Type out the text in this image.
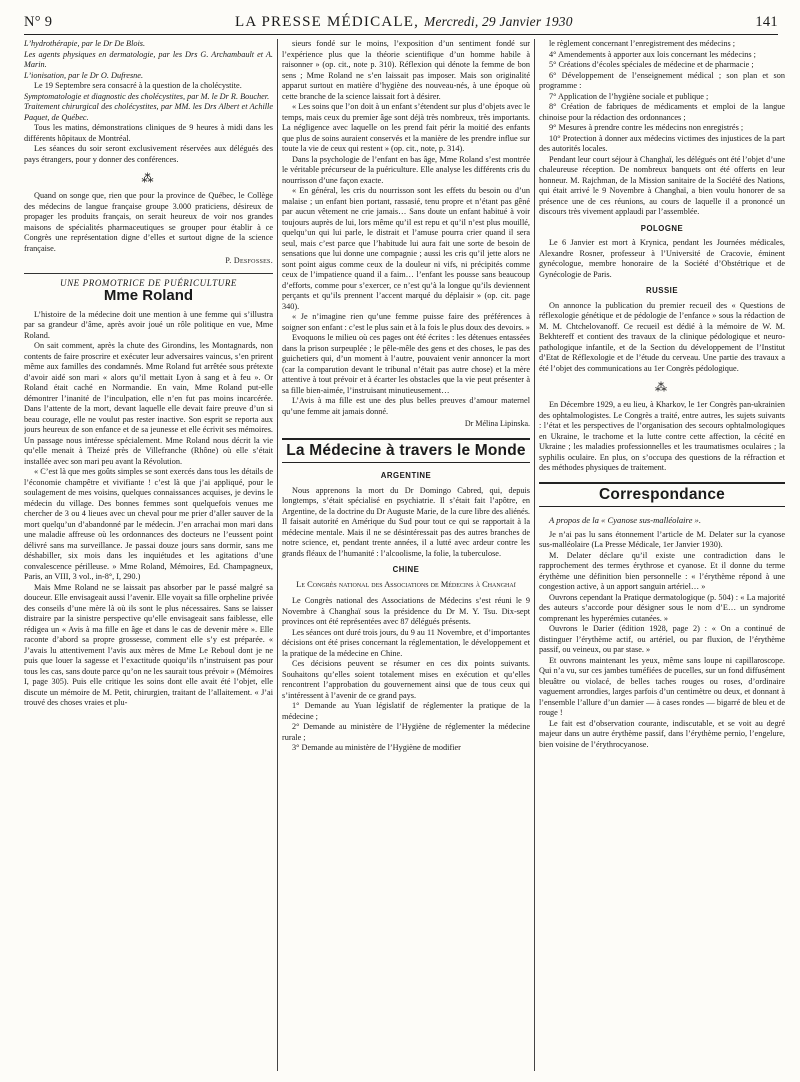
N° 9	LA PRESSE MÉDICALE, Mercredi, 29 Janvier 1930	141

L’hydrothérapie, par le Dr De Blois.

Les agents physiques en dermatologie, par les Drs G. Archambault et A. Marin.

L’ionisation, par le Dr O. Dufresne.

Le 19 Septembre sera consacré à la question de la cholécystite.

Symptomatologie et diagnostic des cholécystites, par M. le Dr R. Boucher.

Traitement chirurgical des cholécystites, par MM. les Drs Albert et Achille Paquet, de Québec.

Tous les matins, démonstrations cliniques de 9 heures à midi dans les différents hôpitaux de Montréal.

Les séances du soir seront exclusivement réservées aux délégués des pays étrangers, pour y donner des conférences.

⁂

Quand on songe que, rien que pour la province de Québec, le Collège des médecins de langue française groupe 3.000 praticiens, désireux de propager les produits français, on serait heureux de voir nos grandes maisons de spécialités pharmaceutiques se grouper pour établir à ce Congrès une représentation digne d’elles et surtout digne de la science française.

P. Desfosses.
UNE PROMOTRICE DE PUÉRICULTURE
Mme Roland

L’histoire de la médecine doit une mention à une femme qui s’illustra par sa grandeur d’âme, après avoir joué un rôle politique en vue, Mme Roland.

On sait comment, après la chute des Girondins, les Montagnards, non contents de faire proscrire et exécuter leur adversaires vaincus, s’en prirent même aux familles des condamnés. Mme Roland fut arrêtée sous prétexte d’avoir aidé son mari « alors qu’il mettait Lyon à sang et à feu ». Or Roland était caché en Normandie. En vain, Mme Roland put-elle démontrer l’inanité de l’inculpation, elle n’en fut pas moins incarcérée. Dans l’attente de la mort, devant laquelle elle devait faire preuve d’un si beau courage, elle ne voulut pas rester inactive. Son esprit se reporta aux jours heureux de son enfance et de sa jeunesse et elle écrivit ses mémoires. Un passage nous intéresse spécialement. Mme Roland nous décrit la vie qu’elle menait à Theizé près de Villefranche (Rhône) où elle s’était installée avec son mari peu avant la Révolution.

« C’est là que mes goûts simples se sont exercés dans tous les détails de l’économie champêtre et vivifiante ! c’est là que j’ai appliqué, pour le soulagement de mes voisins, quelques connaissances acquises, je devins le médecin du village. Des bonnes femmes sont quelquefois venues me chercher de 3 ou 4 lieues avec un cheval pour me prier d’aller sauver de la mort quelqu’un d’abandonné par le médecin. J’en arrachai mon mari dans une maladie affreuse où les ordonnances des docteurs ne l’eussent point délivré sans ma surveillance. Je passai douze jours sans dormir, sans me déshabiller, six mois dans les inquiétudes et les agitations d’une convalescence périlleuse. » Mme Roland, Mémoires, Ed. Champagneux, Paris, an VIII, 3 vol., in-8°, I, 290.)

Mais Mme Roland ne se laissait pas absorber par le passé malgré sa douceur. Elle envisageait aussi l’avenir. Elle voyait sa fille orpheline privée des conseils d’une mère là où ils sont le plus nécessaires. Sans se laisser distraire par la sinistre perspective qu’elle envisageait sans faiblesse, elle rédigea un « Avis à ma fille en âge et dans le cas de devenir mère ». Elle raconte d’abord sa propre grossesse, comment elle s’y est préparée. « J’avais lu attentivement l’avis aux mères de Mme Le Reboul dont je ne puis que louer la sagesse et l’exactitude quoiqu’ils n’instruisent pas pour tous les cas, sans doute parce qu’on ne les saurait tous prévoir » (Mémoires I, page 305). Puis elle critique les soins dont elle avait été l’objet, elle discute un mémoire de M. Petit, chirurgien, traitant de l’allaitement. « J’ai trouvé des choses vraies et plu-

sieurs fondé sur le moins, l’exposition d’un sentiment fondé sur l’expérience plus que la théorie scientifique d’un homme habile à raisonner » (op. cit., note p. 310). Réflexion qui dénote la femme de bon sens ; Mme Roland ne s’en laissait pas imposer. Mais son originalité apparut surtout en matière d’hygiène des nouveau-nés, à une époque où cette branche de la science laissait fort à désirer.

« Les soins que l’on doit à un enfant s’étendent sur plus d’objets avec le temps, mais ceux du premier âge sont déjà très nombreux, très importants. La négligence avec laquelle on les prend fait périr la moitié des enfants que plus de soins auraient conservés et la manière de les prendre influe sur toute la vie de ceux qui restent » (op. cit., note, p. 314).

Dans la psychologie de l’enfant en bas âge, Mme Roland s’est montrée le véritable précurseur de la puériculture. Elle analyse les différents cris du nourrisson d’une façon exacte.

« En général, les cris du nourrisson sont les effets du besoin ou d’un malaise ; un enfant bien portant, rassasié, tenu propre et n’étant pas gêné par aucun vêtement ne crie jamais… Sans doute un enfant habitué à voir toujours auprès de lui, lors même qu’il est repu et qu’il n’est plus mouillé, quelqu’un qui lui parle, le distrait et l’amuse pourra crier quand il sera seul, mais c’est parce que l’habitude lui aura fait une sorte de besoin de sensations que lui donne une compagnie ; aussi les cris qu’il jette alors ne sont point aigus comme ceux de la douleur ni vifs, ni précipités comme ceux de l’impatience quand il a faim… l’enfant les pousse sans beaucoup d’efforts, comme pour s’exercer, ce n’est qu’à la longue qu’ils deviennent perçants et qu’ils prennent l’accent marqué du déplaisir » (op. cit. page 340).

« Je n’imagine rien qu’une femme puisse faire des préférences à soigner son enfant : c’est le plus sain et à la fois le plus doux des devoirs. »

Evoquons le milieu où ces pages ont été écrites : les détenues entassées dans la prison surpeuplée ; le pêle-mêle des gens et des choses, le pas des guichetiers qui, d’un moment à l’autre, pouvaient venir annoncer la mort (car la comparution devant le tribunal n’était pas autre chose) et la mère attentive à tout prévoir et à écarter les obstacles que la vie peut présenter à sa fille bien-aimée, l’instruisant minutieusement…

L’Avis à ma fille est une des plus belles preuves d’amour maternel qu’une femme ait jamais donné.

Dr Mélina Lipinska.
La Médecine à travers le Monde
ARGENTINE

Nous apprenons la mort du Dr Domingo Cabred, qui, depuis longtemps, s’était spécialisé en psychiatrie. Il s’était fait l’apôtre, en Argentine, de la doctrine du Dr Auguste Marie, de la cure libre des aliénés. Il faisait autorité en Amérique du Sud pour tout ce qui se rapportait à la médecine mentale. Mais il ne se désintéressait pas des autres branches de notre science, et, pendant trente années, il a lutté avec ardeur contre les grands fléaux de l’humanité : l’alcoolisme, la folie, la tuberculose.

CHINE
Le Congrès national des Associations de Médecins à Changhaï

Le Congrès national des Associations de Médecins s’est réuni le 9 Novembre à Changhaï sous la présidence du Dr M. Y. Tsu. Dix-sept provinces ont été représentées avec 87 délégués présents.

Les séances ont duré trois jours, du 9 au 11 Novembre, et d’importantes décisions ont été prises concernant la réglementation, le développement et la pratique de la médecine en Chine.

Ces décisions peuvent se résumer en ces dix points suivants. Souhaitons qu’elles soient totalement mises en exécution et qu’elles rencontrent l’approbation du gouvernement ainsi que de tous ceux qui s’intéressent à l’avenir de ce grand pays.

1° Demande au Yuan législatif de réglementer la pratique de la médecine ;

2° Demande au ministère de l’Hygiène de réglementer la médecine rurale ;

3° Demande au ministère de l’Hygiène de modifier

le règlement concernant l’enregistrement des médecins ;

4° Amendements à apporter aux lois concernant les médecins ;

5° Créations d’écoles spéciales de médecine et de pharmacie ;

6° Développement de l’enseignement médical ; son plan et son programme :

7° Application de l’hygiène sociale et publique ;

8° Création de fabriques de médicaments et emploi de la langue chinoise pour la rédaction des ordonnances ;

9° Mesures à prendre contre les médecins non enregistrés ;

10° Protection à donner aux médecins victimes des injustices de la part des autorités locales.

Pendant leur court séjour à Changhaï, les délégués ont été l’objet d’une chaleureuse réception. De nombreux banquets ont été offerts en leur honneur. M. Rajchman, de la Mission sanitaire de la Société des Nations, qui était arrivé le 9 Novembre à Changhaï, a bien voulu honorer de sa présence une de ces réunions, au cours de laquelle il a prononcé un discours très vivement applaudi par l’assemblée.

POLOGNE

Le 6 Janvier est mort à Krynica, pendant les Journées médicales, Alexandre Rosner, professeur à l’Université de Cracovie, éminent gynécologue, membre honoraire de la Société d’Obstétrique et de Gynécologie de Paris.

RUSSIE

On annonce la publication du premier recueil des « Questions de réflexologie génétique et de pédologie de l’enfance » sous la rédaction de M. M. Chtchelovanoff. Ce recueil est dédié à la mémoire de W. M. Bekhtereff et contient des travaux de la clinique pédologique et neuro-pathologique infantile, et de la Section du développement de l’Institut d’Etat de Réflexologie et de l’étude du cerveau. Une partie des travaux a été l’objet des communications au 1er Congrès pédologique.

⁂

En Décembre 1929, a eu lieu, à Kharkov, le 1er Congrès pan-ukrainien des ophtalmologistes. Le Congrès a traité, entre autres, les sujets suivants : l’état et les perspectives de l’organisation des secours ophtalmologiques en Ukraine, le trachome et la lutte contre cette affection, la cécité en Ukraine ; les maladies professionnelles et les traumatismes oculaires ; la syphilis oculaire. En plus, on s’occupa des questions de la réfraction et des méthodes physiques de traitement.

Correspondance
A propos de la « Cyanose sus-malléolaire ».

Je n’ai pas lu sans étonnement l’article de M. Delater sur la cyanose sus-malléolaire (La Presse Médicale, 1er Janvier 1930).

M. Delater déclare qu’il existe une contradiction dans le rapprochement des termes érythrose et cyanose. Et il donne du terme érythème une définition bien personnelle : « l’érythème répond à une congestion active, à un apport sanguin artériel… »

Ouvrons cependant la Pratique dermatologique (p. 504) : « La majorité des auteurs s’accorde pour désigner sous le nom d’E… un syndrome comprenant les hyperémies cutanées. »

Ouvrons le Darier (édition 1928, page 2) : « On a continué de distinguer l’érythème actif, ou artériel, ou par fluxion, de l’érythème passif, ou veineux, ou par stase. »

Et ouvrons maintenant les yeux, même sans loupe ni capillaroscope. Qui n’a vu, sur ces jambes tuméfiées de pucelles, sur un fond diffusément bleuâtre ou violacé, de belles taches rouges ou roses, d’ordinaire vaguement arrondies, larges parfois d’un centimètre ou deux, et donnant à l’ensemble l’allure d’un damier — à cases rondes — bigarré de bleu et de rouge !

Le fait est d’observation courante, indiscutable, et se voit au degré majeur dans un autre érythème passif, dans l’érythème pernio, l’engelure, bien voisine de l’érythrocyanose.
